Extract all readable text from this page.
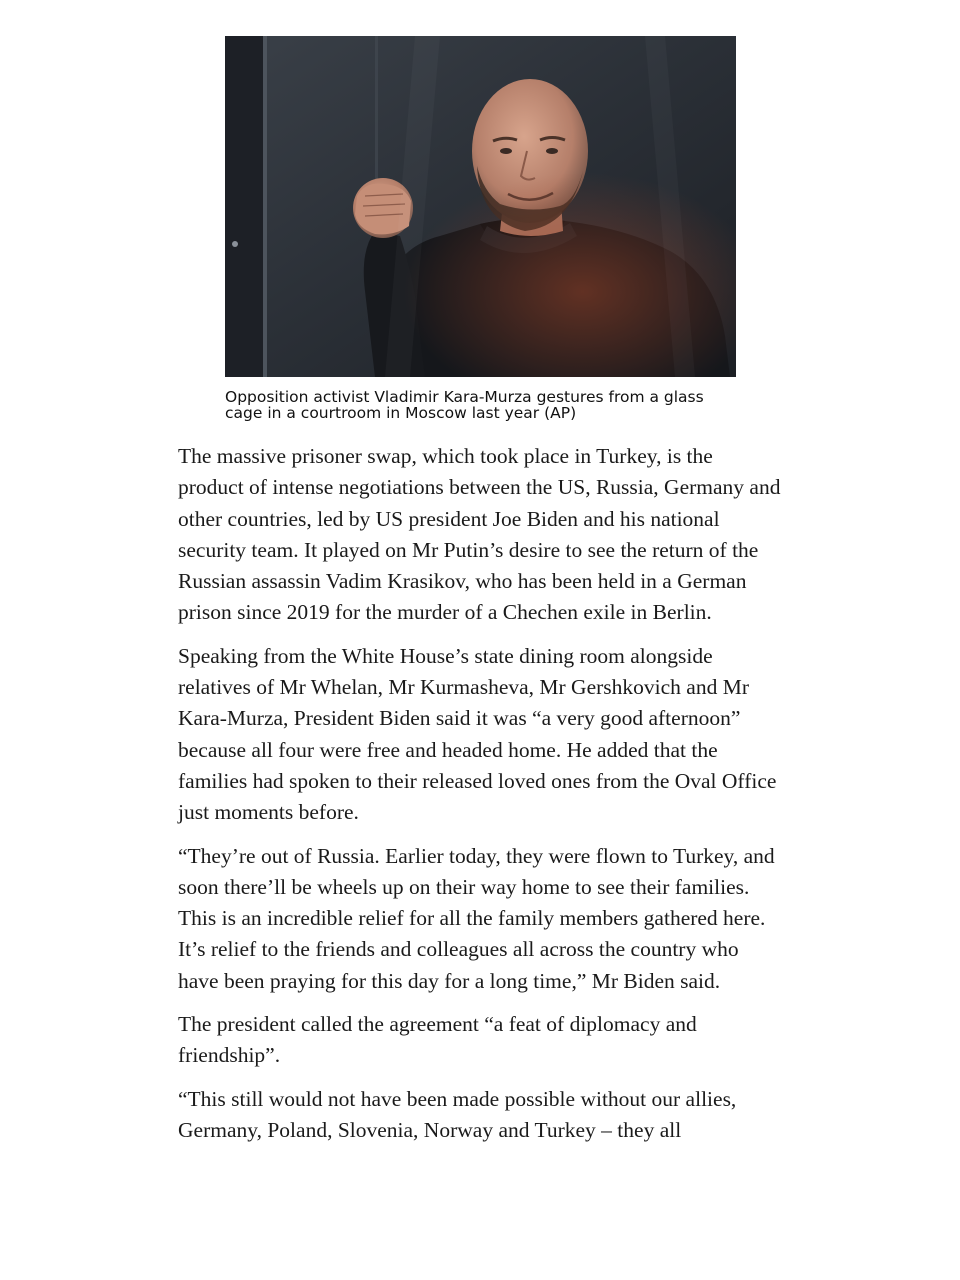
Opposition activist Vladimir Kara-Murza gestures from a glass cage in a courtroom in Moscow last year (AP)

The massive prisoner swap, which took place in Turkey, is the product of intense negotiations between the US, Russia, Germany and other countries, led by US president Joe Biden and his national security team. It played on Mr Putin’s desire to see the return of the Russian assassin Vadim Krasikov, who has been held in a German prison since 2019 for the murder of a Chechen exile in Berlin.

Speaking from the White House’s state dining room alongside relatives of Mr Whelan, Mr Kurmasheva, Mr Gershkovich and Mr Kara-Murza, President Biden said it was “a very good afternoon” because all four were free and headed home. He added that the families had spoken to their released loved ones from the Oval Office just moments before.

“They’re out of Russia. Earlier today, they were flown to Turkey, and soon there’ll be wheels up on their way home to see their families. This is an incredible relief for all the family members gathered here. It’s relief to the friends and colleagues all across the country who have been praying for this day for a long time,” Mr Biden said.

The president called the agreement “a feat of diplomacy and friendship”.

“This still would not have been made possible without our allies, Germany, Poland, Slovenia, Norway and Turkey – they all
